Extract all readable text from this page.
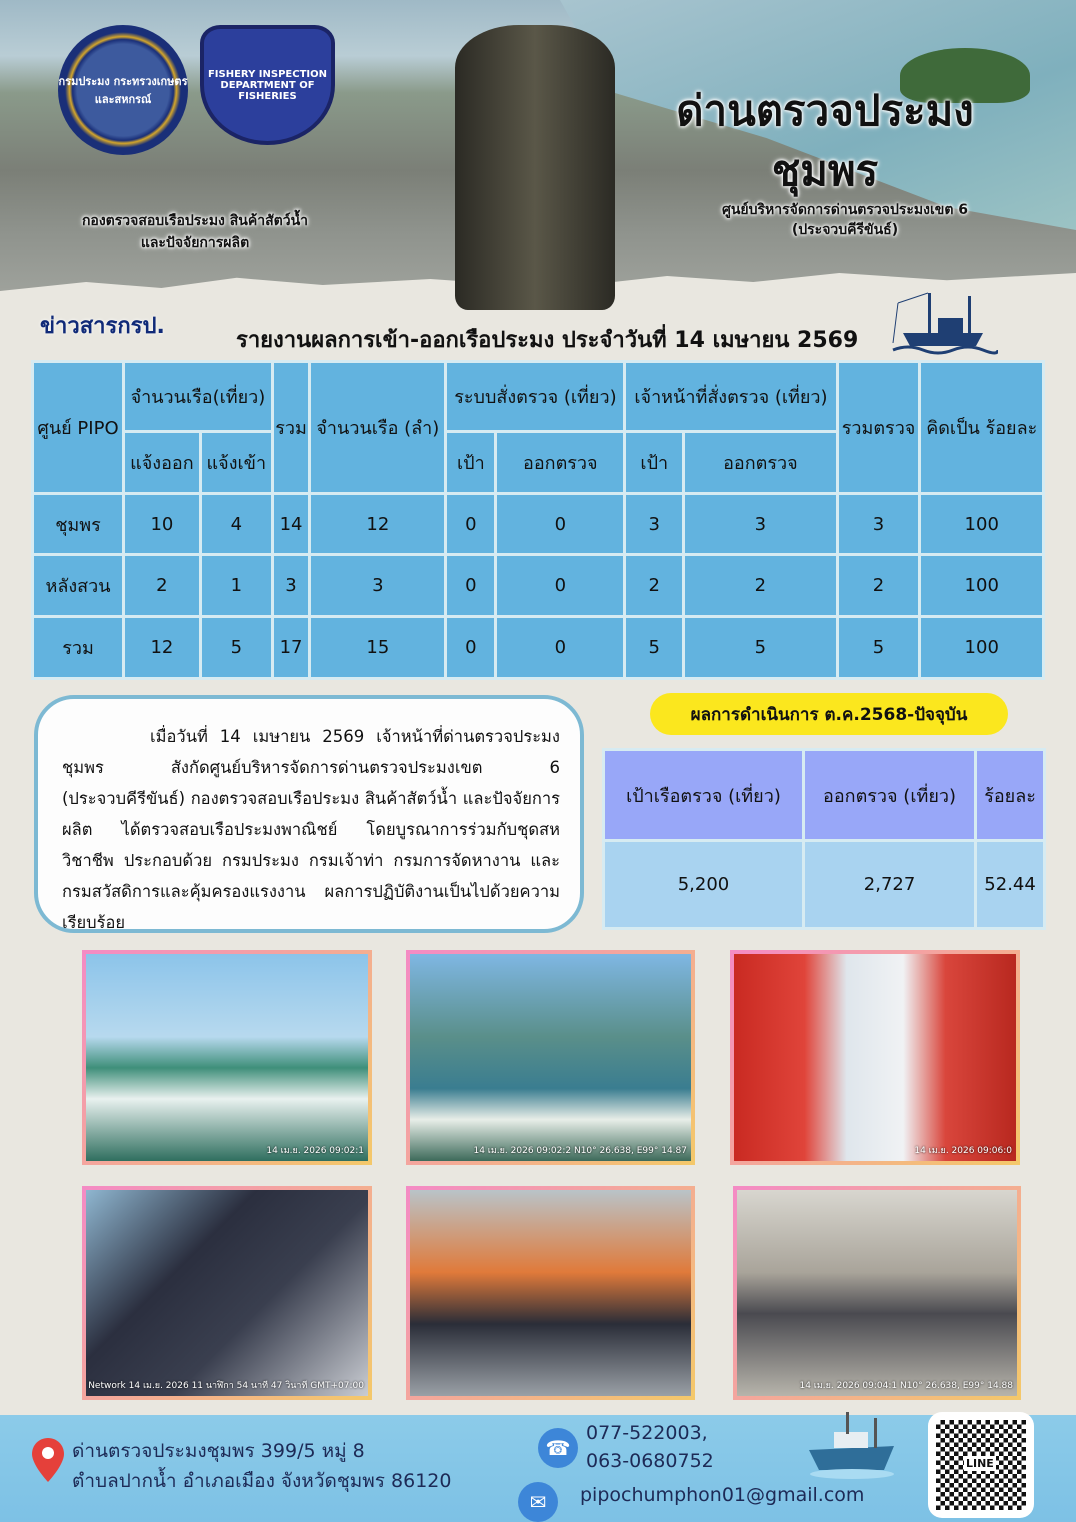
กรมประมง กระทรวงเกษตรและสหกรณ์
FISHERY INSPECTION DEPARTMENT OF FISHERIES	ด่านตรวจประมง
ชุมพร
ศูนย์บริหารจัดการด่านตรวจประมงเขต 6
(ประจวบคีรีขันธ์)
กองตรวจสอบเรือประมง สินค้าสัตว์น้ำ
และปัจจัยการผลิต
ข่าวสารกรป.
รายงานผลการเข้า-ออกเรือประมง ประจำวันที่ 14 เมษายน 2569
ศูนย์ PIPO	จำนวนเรือ(เที่ยว)		รวม	จำนวนเรือ (ลำ)	ระบบสั่งตรวจ (เที่ยว)		เจ้าหน้าที่สั่งตรวจ (เที่ยว)		รวมตรวจ	คิดเป็น ร้อยละ
	แจ้งออก	แจ้งเข้า			เป้า	ออกตรวจ	เป้า	ออกตรวจ		
ชุมพร	10	4	14	12	0	0	3	3	3	100
หลังสวน	2	1	3	3	0	0	2	2	2	100
รวม	12	5	17	15	0	0	5	5	5	100
เมื่อวันที่ 14 เมษายน 2569 เจ้าหน้าที่ด่านตรวจประมงชุมพร สังกัดศูนย์บริหารจัดการด่านตรวจประมงเขต 6 (ประจวบคีรีขันธ์) กองตรวจสอบเรือประมง สินค้าสัตว์น้ำ และปัจจัยการผลิต ได้ตรวจสอบเรือประมงพาณิชย์ โดยบูรณาการร่วมกับชุดสหวิชาชีพ ประกอบด้วย กรมประมง กรมเจ้าท่า กรมการจัดหางาน และกรมสวัสดิการและคุ้มครองแรงงาน ผลการปฏิบัติงานเป็นไปด้วยความเรียบร้อย
ผลการดำเนินการ ต.ค.2568-ปัจจุบัน
เป้าเรือตรวจ (เที่ยว)	ออกตรวจ (เที่ยว)	ร้อยละ
5,200	2,727	52.44
14 เม.ย. 2026 09:02:1	14 เม.ย. 2026 09:02:2 N10° 26.638, E99° 14.87	14 เม.ย. 2026 09:06:0
Network 14 เม.ย. 2026 11 นาฬิกา 54 นาที 47 วินาที GMT+07:00	14 เม.ย. 2026 09:04:1 N10° 26.638, E99° 14.88
ด่านตรวจประมงชุมพร 399/5 หมู่ 8
ตำบลปากน้ำ อำเภอเมือง จังหวัดชุมพร 86120
☎
077-522003,
063-0680752
✉	pipochumphon01@gmail.com
LINE
